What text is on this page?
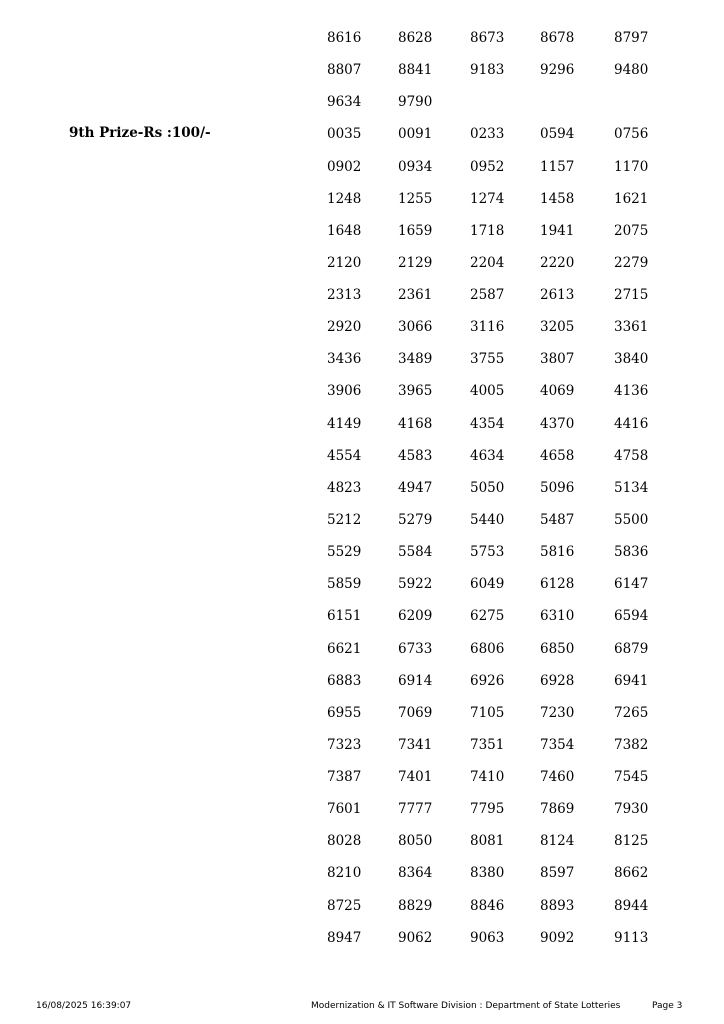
9th Prize-Rs :100/-
8616	8628	8673	8678	8797
8807	8841	9183	9296	9480
9634	9790
0035	0091	0233	0594	0756
0902	0934	0952	1157	1170
1248	1255	1274	1458	1621
1648	1659	1718	1941	2075
2120	2129	2204	2220	2279
2313	2361	2587	2613	2715
2920	3066	3116	3205	3361
3436	3489	3755	3807	3840
3906	3965	4005	4069	4136
4149	4168	4354	4370	4416
4554	4583	4634	4658	4758
4823	4947	5050	5096	5134
5212	5279	5440	5487	5500
5529	5584	5753	5816	5836
5859	5922	6049	6128	6147
6151	6209	6275	6310	6594
6621	6733	6806	6850	6879
6883	6914	6926	6928	6941
6955	7069	7105	7230	7265
7323	7341	7351	7354	7382
7387	7401	7410	7460	7545
7601	7777	7795	7869	7930
8028	8050	8081	8124	8125
8210	8364	8380	8597	8662
8725	8829	8846	8893	8944
8947	9062	9063	9092	9113
16/08/2025 16:39:07	Modernization & IT Software Division : Department of State Lotteries	Page 3
